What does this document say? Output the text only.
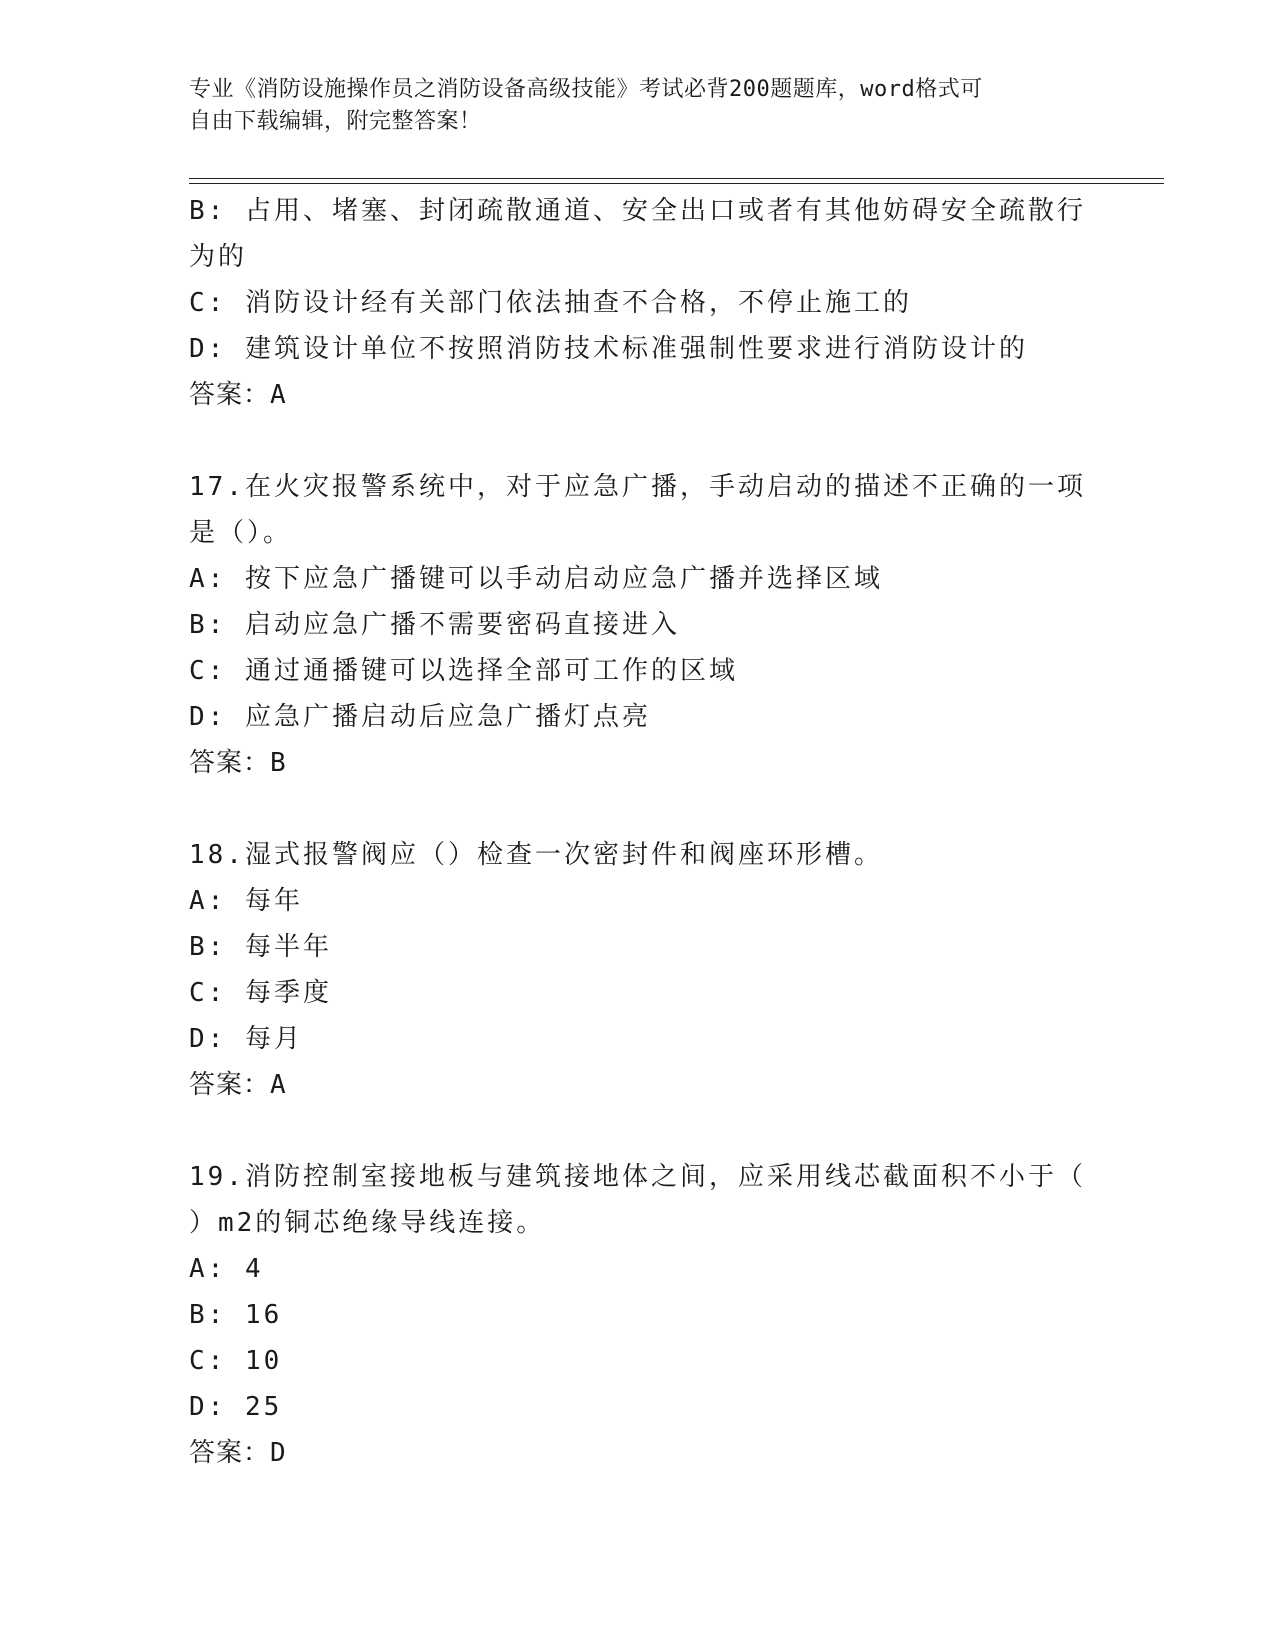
专业《消防设施操作员之消防设备高级技能》考试必背200题题库，word格式可
自由下载编辑，附完整答案！
B: 占用、堵塞、封闭疏散通道、安全出口或者有其他妨碍安全疏散行
为的
C: 消防设计经有关部门依法抽查不合格，不停止施工的
D: 建筑设计单位不按照消防技术标准强制性要求进行消防设计的
答案：A
17.在火灾报警系统中，对于应急广播，手动启动的描述不正确的一项
是（）。
A: 按下应急广播键可以手动启动应急广播并选择区域
B: 启动应急广播不需要密码直接进入
C: 通过通播键可以选择全部可工作的区域
D: 应急广播启动后应急广播灯点亮
答案：B
18.湿式报警阀应（）检查一次密封件和阀座环形槽。
A: 每年
B: 每半年
C: 每季度
D: 每月
答案：A
19.消防控制室接地板与建筑接地体之间，应采用线芯截面积不小于（
）m2的铜芯绝缘导线连接。
A: 4
B: 16
C: 10
D: 25
答案：D
